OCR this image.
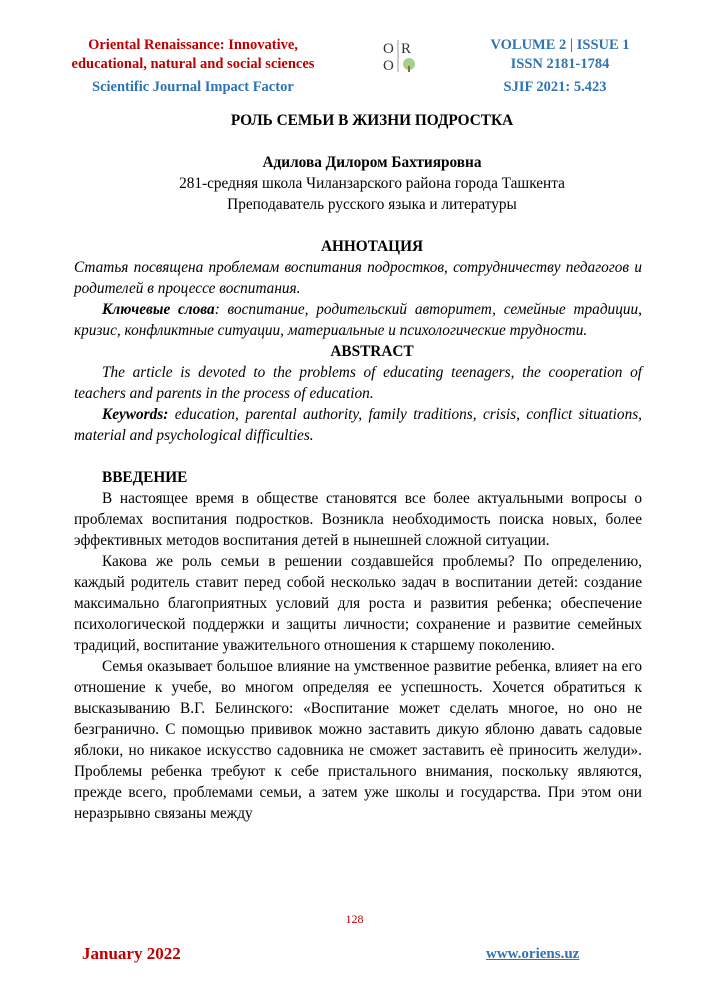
Oriental Renaissance: Innovative,
educational, natural and social sciences
Scientific Journal Impact Factor
O R
O
VOLUME 2 | ISSUE 1
ISSN 2181-1784
SJIF 2021: 5.423
РОЛЬ СЕМЬИ В ЖИЗНИ ПОДРОСТКА
Адилова Дилором Бахтияровна
281-средняя школа Чиланзарского района города Ташкента
Преподаватель русского языка и литературы
АННОТАЦИЯ

Статья посвящена проблемам воспитания подростков, сотрудничеству педагогов и родителей в процессе воспитания.

Ключевые слова: воспитание, родительский авторитет, семейные традиции, кризис, конфликтные ситуации, материальные и психологические трудности.

ABSTRACT

The article is devoted to the problems of educating teenagers, the cooperation of teachers and parents in the process of education.

Keywords: education, parental authority, family traditions, crisis, conflict situations, material and psychological difficulties.

ВВЕДЕНИЕ

В настоящее время в обществе становятся все более актуальными вопросы о проблемах воспитания подростков. Возникла необходимость поиска новых, более эффективных методов воспитания детей в нынешней сложной ситуации.

Какова же роль семьи в решении создавшейся проблемы? По определению, каждый родитель ставит перед собой несколько задач в воспитании детей: создание максимально благоприятных условий для роста и развития ребенка; обеспечение психологической поддержки и защиты личности; сохранение и развитие семейных традиций, воспитание уважительного отношения к старшему поколению.

Семья оказывает большое влияние на умственное развитие ребенка, влияет на его отношение к учебе, во многом определяя ее успешность. Хочется обратиться к высказыванию В.Г. Белинского: «Воспитание может сделать многое, но оно не безгранично. С помощью прививок можно заставить дикую яблоню давать садовые яблоки, но никакое искусство садовника не сможет заставить еè приносить желуди». Проблемы ребенка требуют к себе пристального внимания, поскольку являются, прежде всего, проблемами семьи, а затем уже школы и государства. При этом они неразрывно связаны между

128
January 2022	www.oriens.uz
